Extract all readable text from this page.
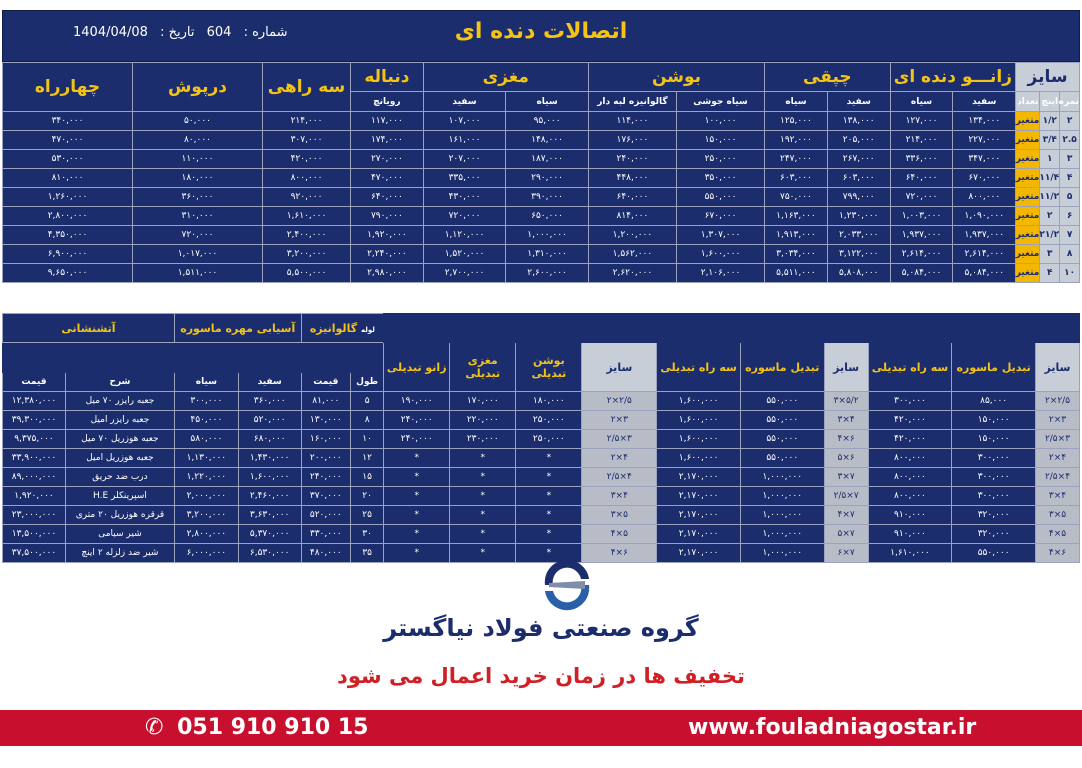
اتصالات دنده ای
شماره : 604 تاریخ : 1404/04/08
سایز			زانـــو دنده ای		چپقی		بوشن		مغزی		دنباله	سه راهی	درپوش	چهارراه
نمره	اینچ	تعداد	سفید	سیاه	سفید	سیاه	سیاه جوشی	گالوانیزه لبه دار	سیاه	سفید	رویانچ			
۲	۱/۲	متغیر	۱۳۴,۰۰۰	۱۲۷,۰۰۰	۱۳۸,۰۰۰	۱۲۵,۰۰۰	۱۰۰,۰۰۰	۱۱۴,۰۰۰	۹۵,۰۰۰	۱۰۷,۰۰۰	۱۱۷,۰۰۰	۲۱۴,۰۰۰	۵۰,۰۰۰	۳۴۰,۰۰۰
۲.۵	۳/۴	متغیر	۲۲۷,۰۰۰	۲۱۴,۰۰۰	۲۰۵,۰۰۰	۱۹۲,۰۰۰	۱۵۰,۰۰۰	۱۷۶,۰۰۰	۱۴۸,۰۰۰	۱۶۱,۰۰۰	۱۷۴,۰۰۰	۳۰۷,۰۰۰	۸۰,۰۰۰	۴۷۰,۰۰۰
۳	۱	متغیر	۳۴۷,۰۰۰	۳۳۶,۰۰۰	۲۶۷,۰۰۰	۲۴۷,۰۰۰	۲۵۰,۰۰۰	۲۴۰,۰۰۰	۱۸۷,۰۰۰	۲۰۷,۰۰۰	۲۷۰,۰۰۰	۴۲۰,۰۰۰	۱۱۰,۰۰۰	۵۳۰,۰۰۰
۴	۱۱/۴	متغیر	۶۷۰,۰۰۰	۶۴۰,۰۰۰	۶۰۳,۰۰۰	۶۰۳,۰۰۰	۳۵۰,۰۰۰	۴۴۸,۰۰۰	۲۹۰,۰۰۰	۳۳۵,۰۰۰	۴۷۰,۰۰۰	۸۰۰,۰۰۰	۱۸۰,۰۰۰	۸۱۰,۰۰۰
۵	۱۱/۲	متغیر	۸۰۰,۰۰۰	۷۲۰,۰۰۰	۷۹۹,۰۰۰	۷۵۰,۰۰۰	۵۵۰,۰۰۰	۶۴۰,۰۰۰	۳۹۰,۰۰۰	۴۳۰,۰۰۰	۶۴۰,۰۰۰	۹۲۰,۰۰۰	۳۶۰,۰۰۰	۱,۲۶۰,۰۰۰
۶	۲	متغیر	۱,۰۹۰,۰۰۰	۱,۰۰۳,۰۰۰	۱,۲۳۰,۰۰۰	۱,۱۶۳,۰۰۰	۶۷۰,۰۰۰	۸۱۴,۰۰۰	۶۵۰,۰۰۰	۷۲۰,۰۰۰	۷۹۰,۰۰۰	۱,۶۱۰,۰۰۰	۳۱۰,۰۰۰	۲,۸۰۰,۰۰۰
۷	۲۱/۲	متغیر	۱,۹۳۷,۰۰۰	۱,۹۳۷,۰۰۰	۲,۰۳۳,۰۰۰	۱,۹۱۳,۰۰۰	۱,۳۰۷,۰۰۰	۱,۲۰۰,۰۰۰	۱,۰۰۰,۰۰۰	۱,۱۲۰,۰۰۰	۱,۹۲۰,۰۰۰	۲,۴۰۰,۰۰۰	۷۲۰,۰۰۰	۴,۳۵۰,۰۰۰
۸	۳	متغیر	۲,۶۱۴,۰۰۰	۲,۶۱۴,۰۰۰	۳,۱۲۲,۰۰۰	۳,۰۳۴,۰۰۰	۱,۶۰۰,۰۰۰	۱,۵۶۲,۰۰۰	۱,۳۱۰,۰۰۰	۱,۵۲۰,۰۰۰	۲,۲۴۰,۰۰۰	۳,۲۰۰,۰۰۰	۱,۰۱۷,۰۰۰	۶,۹۰۰,۰۰۰
۱۰	۴	متغیر	۵,۰۸۴,۰۰۰	۵,۰۸۴,۰۰۰	۵,۸۰۸,۰۰۰	۵,۵۱۱,۰۰۰	۲,۱۰۶,۰۰۰	۲,۶۲۰,۰۰۰	۲,۶۰۰,۰۰۰	۲,۷۰۰,۰۰۰	۲,۹۸۰,۰۰۰	۵,۵۰۰,۰۰۰	۱,۵۱۱,۰۰۰	۹,۶۵۰,۰۰۰
										لوله گالوانیزه		آسیابی مهره ماسوره		آتشنشانی	
سایز	تبدیل ماسوره	سه راه تبدیلی	سایز	تبدیل ماسوره	سه راه تبدیلی	سایز	بوشن تبدیلی	مغزی تبدیلی	زانو تبدیلی						
										طول	قیمت	سفید	سیاه	شرح	قیمت
۲/۵×۲	۸۵,۰۰۰	۳۰۰,۰۰۰	۵/۲×۳	۵۵۰,۰۰۰	۱,۶۰۰,۰۰۰	۲/۵×۲	۱۸۰,۰۰۰	۱۷۰,۰۰۰	۱۹۰,۰۰۰	۵	۸۱,۰۰۰	۳۶۰,۰۰۰	۳۰۰,۰۰۰	جعبه رایزر ۷۰ میل	۱۲,۳۸۰,۰۰۰
۳×۲	۱۵۰,۰۰۰	۴۲۰,۰۰۰	۴×۳	۵۵۰,۰۰۰	۱,۶۰۰,۰۰۰	۳×۲	۲۵۰,۰۰۰	۲۲۰,۰۰۰	۲۴۰,۰۰۰	۸	۱۳۰,۰۰۰	۵۲۰,۰۰۰	۴۵۰,۰۰۰	جعبه رایزر امیل	۳۹,۳۰۰,۰۰۰
۳×۲/۵	۱۵۰,۰۰۰	۴۲۰,۰۰۰	۶×۴	۵۵۰,۰۰۰	۱,۶۰۰,۰۰۰	۳×۲/۵	۲۵۰,۰۰۰	۲۳۰,۰۰۰	۲۴۰,۰۰۰	۱۰	۱۶۰,۰۰۰	۶۸۰,۰۰۰	۵۸۰,۰۰۰	جعبه هوزریل ۷۰ میل	۹,۳۷۵,۰۰۰
۴×۲	۳۰۰,۰۰۰	۸۰۰,۰۰۰	۶×۵	۵۵۰,۰۰۰	۱,۶۰۰,۰۰۰	۴×۲	*	*	*	۱۲	۲۰۰,۰۰۰	۱,۴۳۰,۰۰۰	۱,۱۳۰,۰۰۰	جعبه هوزریل امیل	۳۳,۹۰۰,۰۰۰
۴×۲/۵	۳۰۰,۰۰۰	۸۰۰,۰۰۰	۷×۳	۱,۰۰۰,۰۰۰	۲,۱۷۰,۰۰۰	۴×۲/۵	*	*	*	۱۵	۲۴۰,۰۰۰	۱,۶۰۰,۰۰۰	۱,۲۲۰,۰۰۰	درب ضد حریق	۸۹,۰۰۰,۰۰۰
۴×۳	۳۰۰,۰۰۰	۸۰۰,۰۰۰	۷×۲/۵	۱,۰۰۰,۰۰۰	۲,۱۷۰,۰۰۰	۴×۳	*	*	*	۲۰	۳۷۰,۰۰۰	۲,۴۶۰,۰۰۰	۲,۰۰۰,۰۰۰	اسپرینکلر H.E	۱,۹۲۰,۰۰۰
۵×۳	۳۲۰,۰۰۰	۹۱۰,۰۰۰	۷×۴	۱,۰۰۰,۰۰۰	۲,۱۷۰,۰۰۰	۵×۳	*	*	*	۲۵	۵۲۰,۰۰۰	۳,۶۳۰,۰۰۰	۳,۲۰۰,۰۰۰	قرقره هوزریل ۲۰ متری	۲۳,۰۰۰,۰۰۰
۵×۴	۳۲۰,۰۰۰	۹۱۰,۰۰۰	۷×۵	۱,۰۰۰,۰۰۰	۲,۱۷۰,۰۰۰	۵×۴	*	*	*	۳۰	۳۳۰,۰۰۰	۵,۳۷۰,۰۰۰	۲,۸۰۰,۰۰۰	شیر سیامی	۱۳,۵۰۰,۰۰۰
۶×۴	۵۵۰,۰۰۰	۱,۶۱۰,۰۰۰	۷×۶	۱,۰۰۰,۰۰۰	۲,۱۷۰,۰۰۰	۶×۴	*	*	*	۳۵	۴۸۰,۰۰۰	۶,۵۳۰,۰۰۰	۶,۰۰۰,۰۰۰	شیر ضد زلزله ۲ اینچ	۳۷,۵۰۰,۰۰۰
گروه صنعتی فولاد نیاگستر
تخفیف ها در زمان خرید اعمال می شود
✆ 051 910 910 15	www.fouladniagostar.ir
